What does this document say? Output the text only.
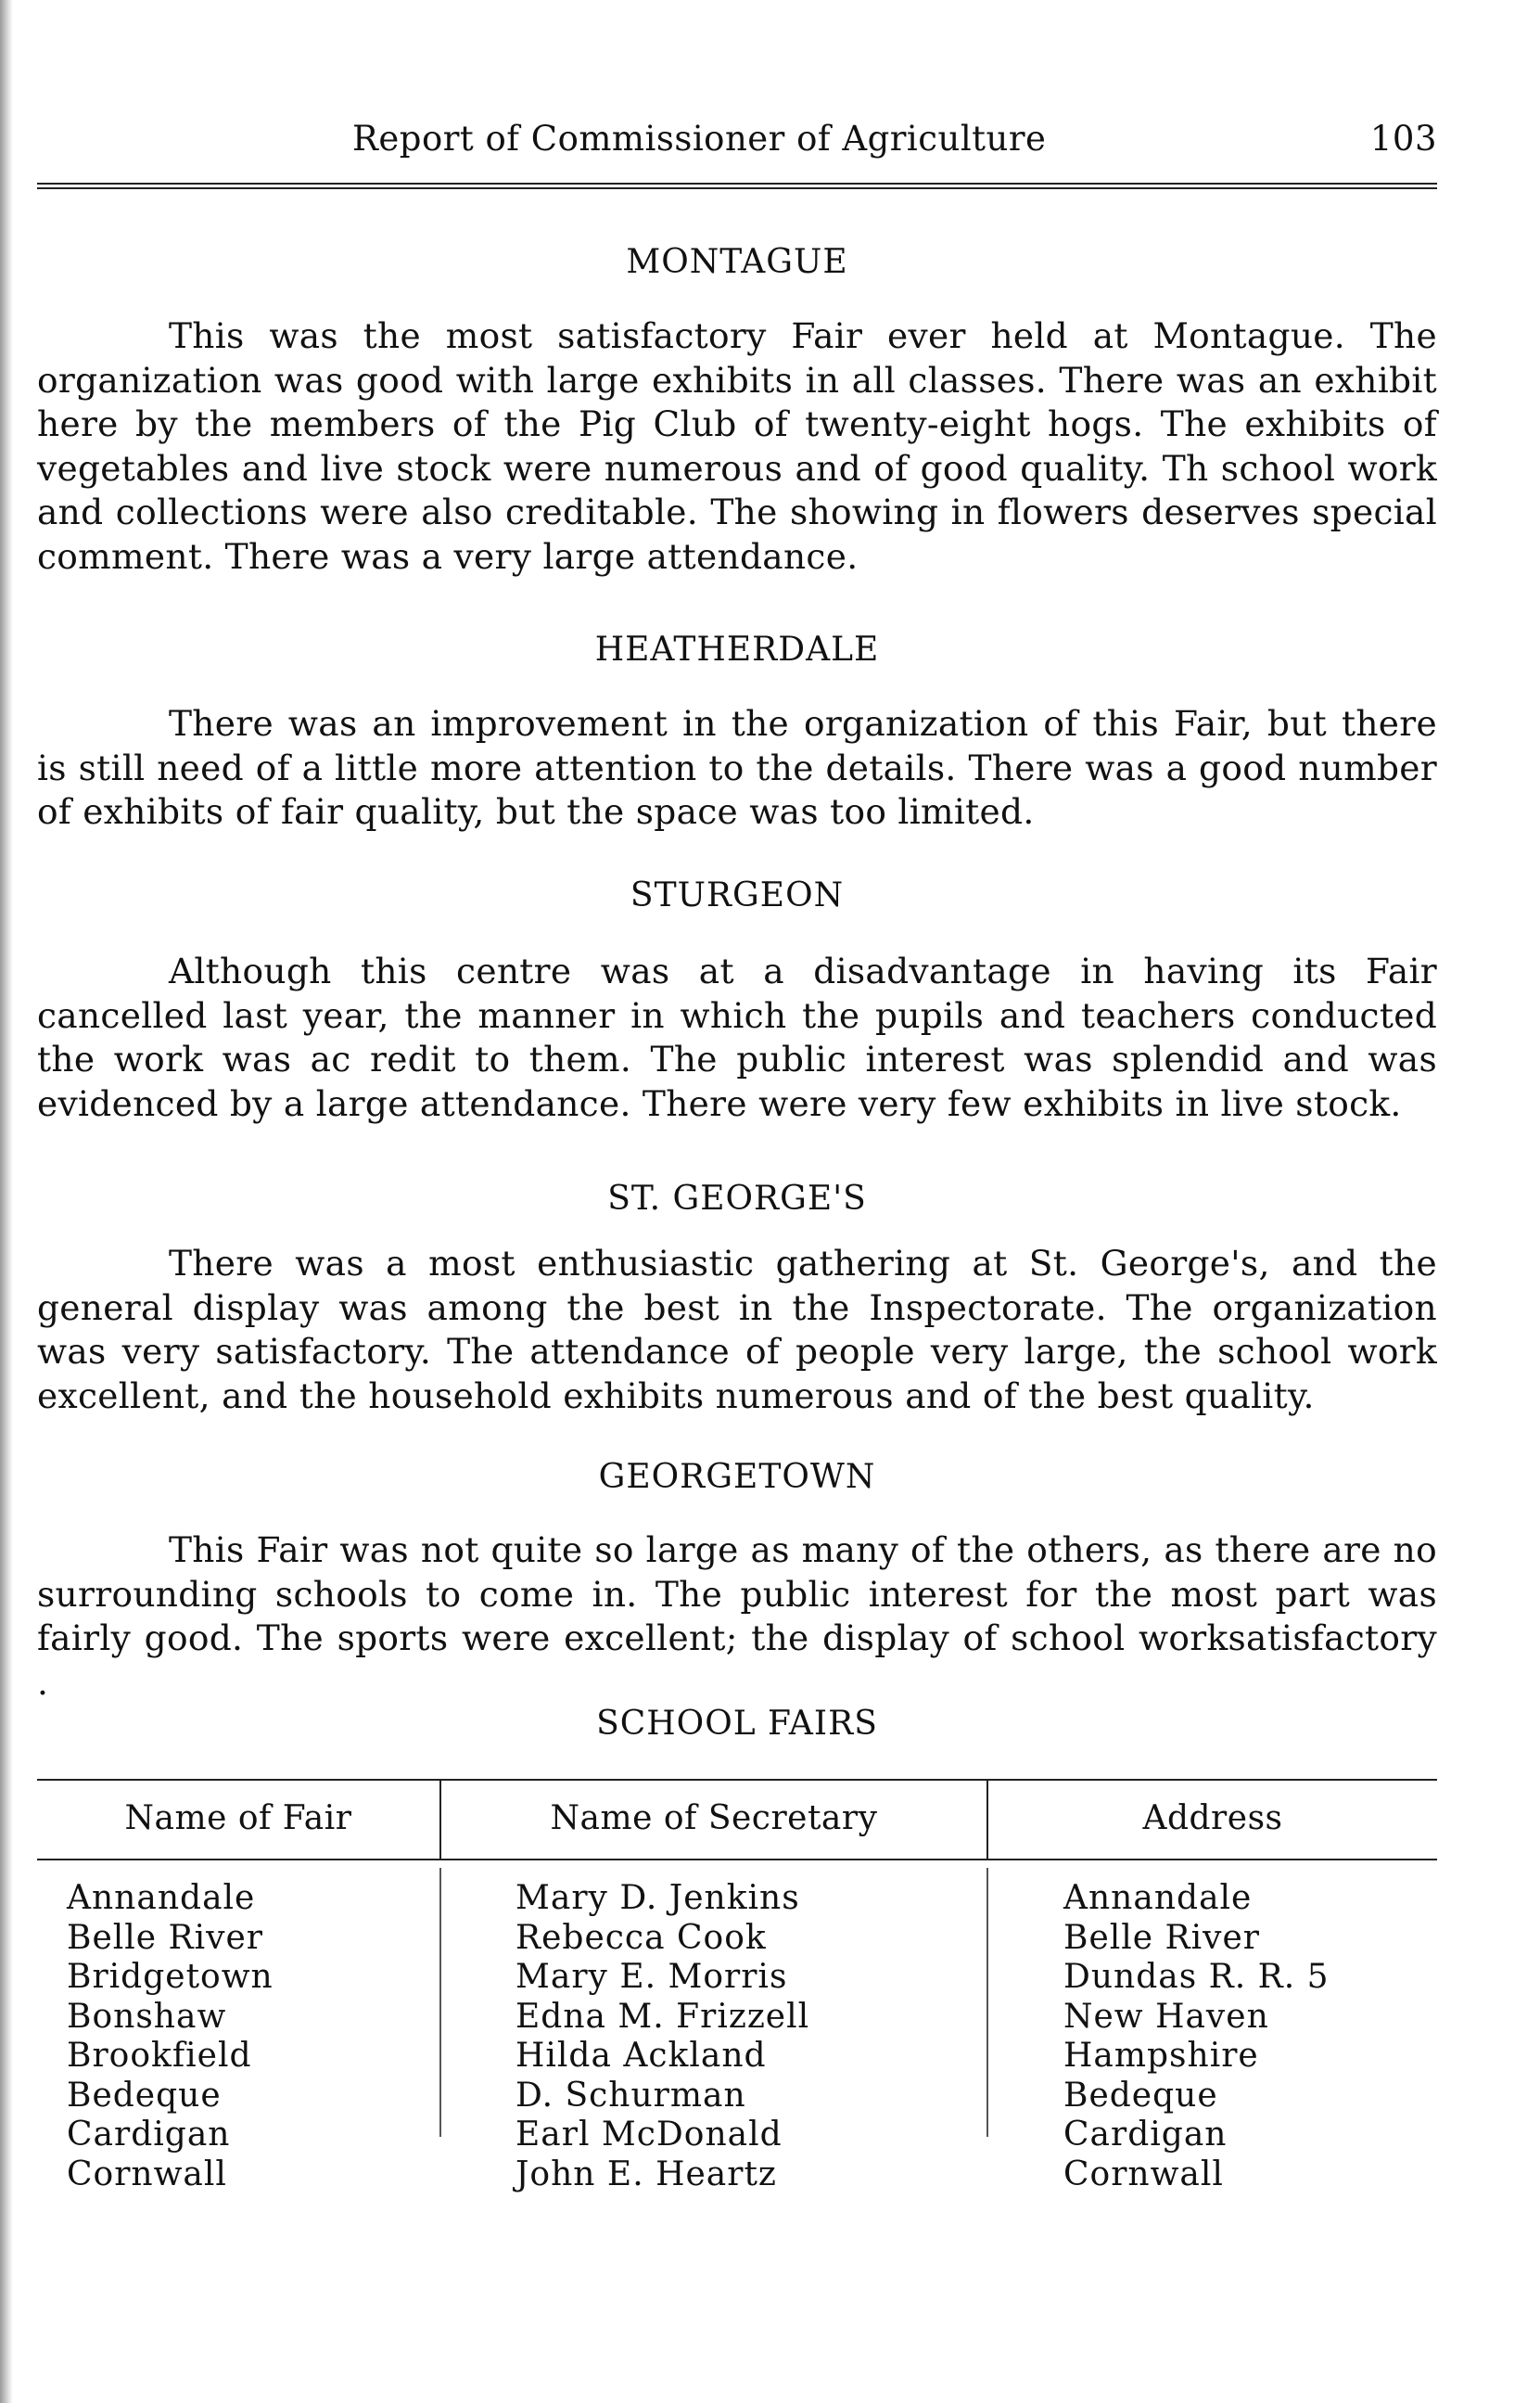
Report of Commissioner of Agriculture	103
MONTAGUE

This was the most satisfactory Fair ever held at Montague. The organization was good with large exhibits in all classes. There was an exhibit here by the members of the Pig Club of twenty-eight hogs. The exhibits of vegetables and live stock were numerous and of good quality. Th school work and collections were also creditable. The showing in flowers deserves special comment. There was a very large attendance.

HEATHERDALE

There was an improvement in the organization of this Fair, but there is still need of a little more attention to the details. There was a good number of exhibits of fair quality, but the space was too limited.

STURGEON

Although this centre was at a disadvantage in having its Fair cancelled last year, the manner in which the pupils and teachers conducted the work was ac redit to them. The public interest was splendid and was evidenced by a large attendance. There were very few exhibits in live stock.

ST. GEORGE'S

There was a most enthusiastic gathering at St. George's, and the general display was among the best in the Inspectorate. The organization was very satisfactory. The attendance of people very large, the school work excellent, and the household exhibits numerous and of the best quality.

GEORGETOWN

This Fair was not quite so large as many of the others, as there are no surrounding schools to come in. The public interest for the most part was fairly good. The sports were excellent; the display of school worksatisfactory .

SCHOOL FAIRS
Name of Fair	Name of Secretary	Address
Annandale	Mary D. Jenkins	Annandale
Belle River	Rebecca Cook	Belle River
Bridgetown	Mary E. Morris	Dundas R. R. 5
Bonshaw	Edna M. Frizzell	New Haven
Brookfield	Hilda Ackland	Hampshire
Bedeque	D. Schurman	Bedeque
Cardigan	Earl McDonald	Cardigan
Cornwall	John E. Heartz	Cornwall
